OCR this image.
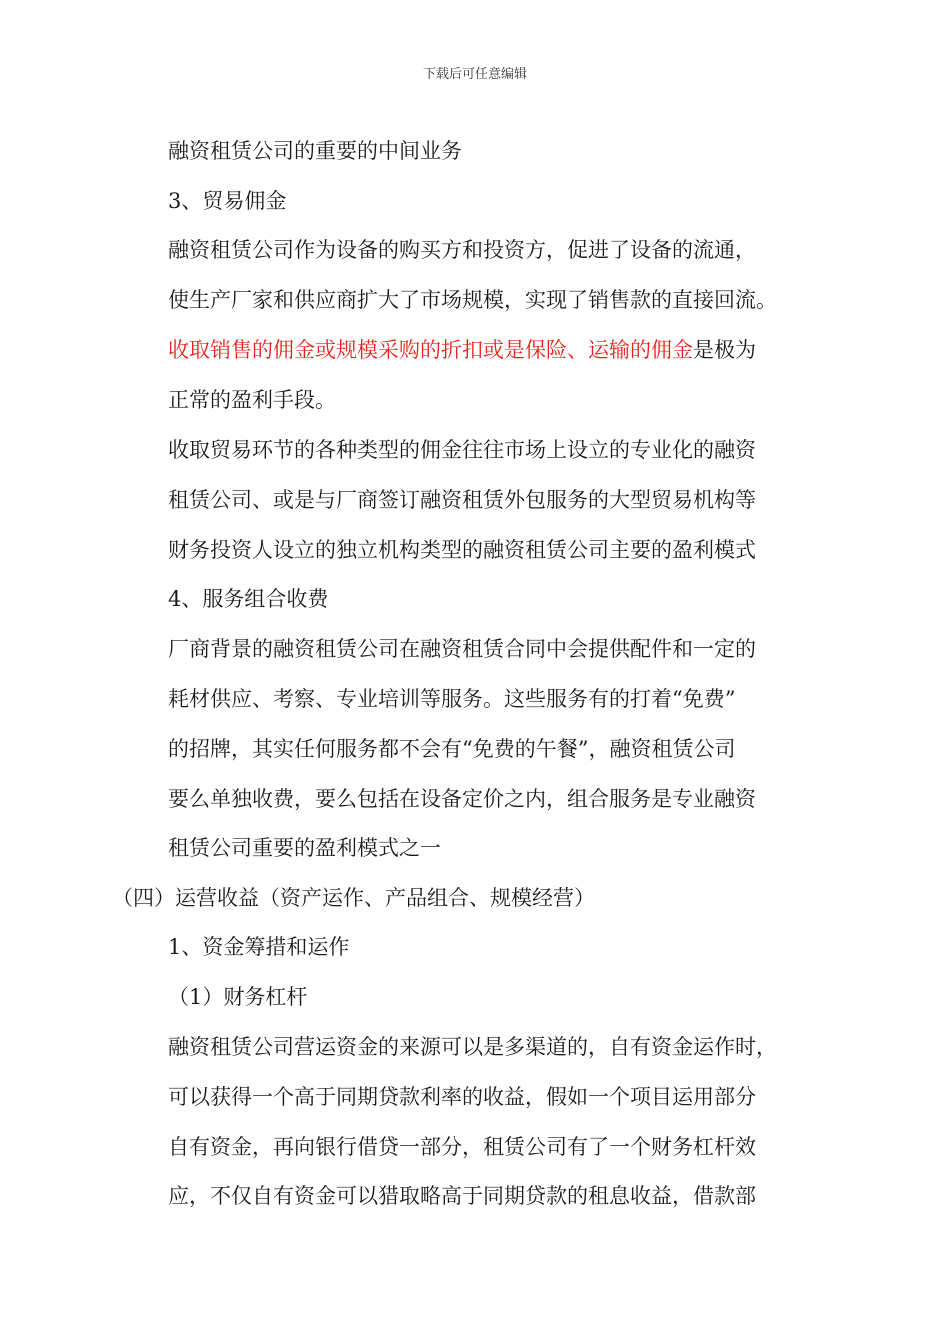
下载后可任意编辑
融资租赁公司的重要的中间业务
3、贸易佣金
融资租赁公司作为设备的购买方和投资方，促进了设备的流通，
使生产厂家和供应商扩大了市场规模，实现了销售款的直接回流。
收取销售的佣金或规模采购的折扣或是保险、运输的佣金是极为
正常的盈利手段。
收取贸易环节的各种类型的佣金往往市场上设立的专业化的融资
租赁公司、或是与厂商签订融资租赁外包服务的大型贸易机构等
财务投资人设立的独立机构类型的融资租赁公司主要的盈利模式
4、服务组合收费
厂商背景的融资租赁公司在融资租赁合同中会提供配件和一定的
耗材供应、考察、专业培训等服务。这些服务有的打着“免费”
的招牌，其实任何服务都不会有“免费的午餐”，融资租赁公司
要么单独收费，要么包括在设备定价之内，组合服务是专业融资
租赁公司重要的盈利模式之一
（四）运营收益（资产运作、产品组合、规模经营）
1、资金筹措和运作
（1）财务杠杆
融资租赁公司营运资金的来源可以是多渠道的，自有资金运作时，
可以获得一个高于同期贷款利率的收益，假如一个项目运用部分
自有资金，再向银行借贷一部分，租赁公司有了一个财务杠杆效
应，不仅自有资金可以猎取略高于同期贷款的租息收益，借款部
